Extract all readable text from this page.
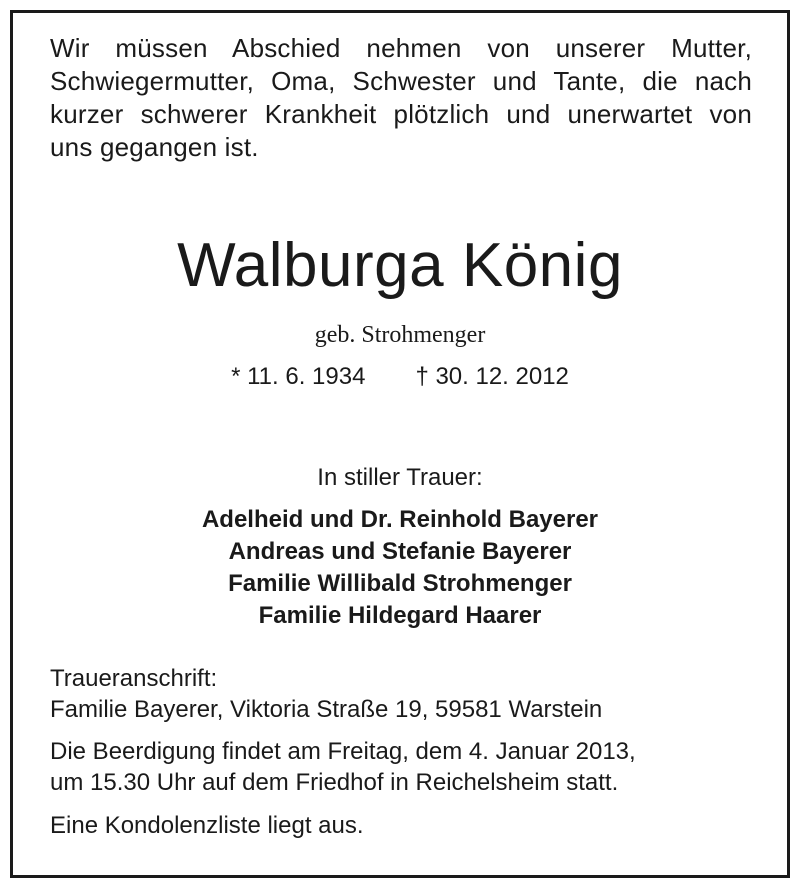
Wir müssen Abschied nehmen von unserer Mutter,
Schwiegermutter, Oma, Schwester und Tante, die nach
kurzer schwerer Krankheit plötzlich und unerwartet von
uns gegangen ist.
Walburga König
geb. Strohmenger
* 11. 6. 1934 † 30. 12. 2012
In stiller Trauer:
Adelheid und Dr. Reinhold Bayerer
Andreas und Stefanie Bayerer
Familie Willibald Strohmenger
Familie Hildegard Haarer
Traueranschrift:
Familie Bayerer, Viktoria Straße 19, 59581 Warstein
Die Beerdigung findet am Freitag, dem 4. Januar 2013,
um 15.30 Uhr auf dem Friedhof in Reichelsheim statt.
Eine Kondolenzliste liegt aus.
